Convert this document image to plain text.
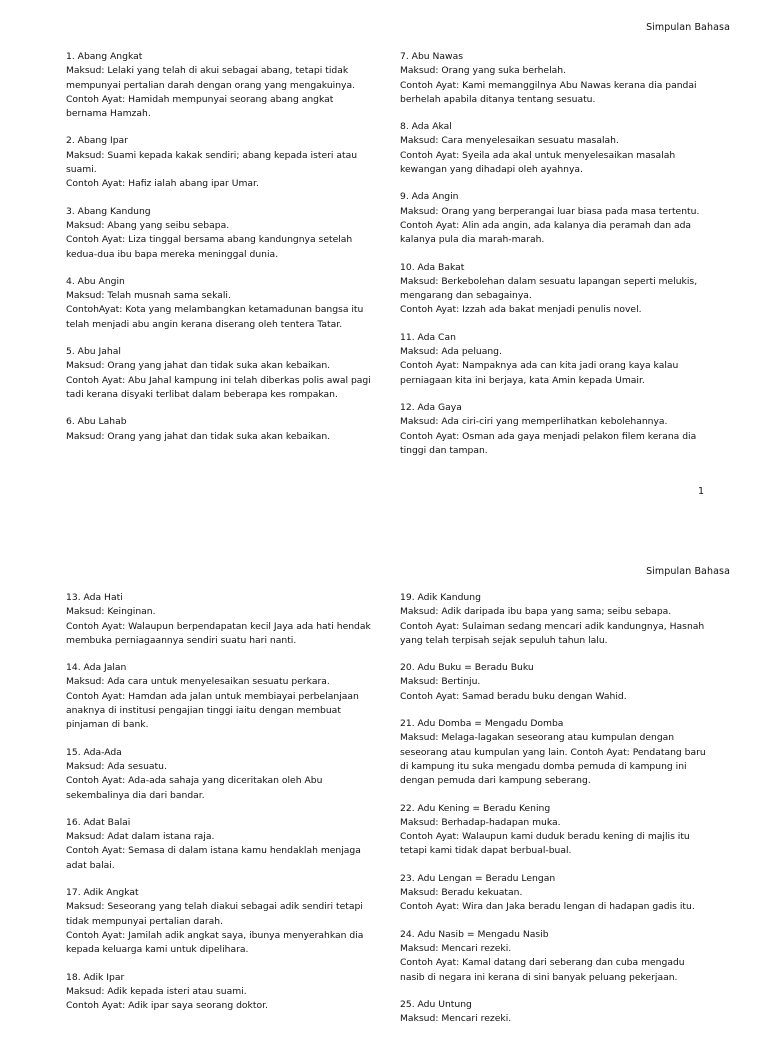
Simpulan Bahasa
1. Abang Angkat
Maksud: Lelaki yang telah di akui sebagai abang, tetapi tidak mempunyai pertalian darah dengan orang yang mengakuinya.
Contoh Ayat: Hamidah mempunyai seorang abang angkat bernama Hamzah.
2. Abang Ipar
Maksud: Suami kepada kakak sendiri; abang kepada isteri atau suami.
Contoh Ayat: Hafiz ialah abang ipar Umar.
3. Abang Kandung
Maksud: Abang yang seibu sebapa.
Contoh Ayat: Liza tinggal bersama abang kandungnya setelah kedua-dua ibu bapa mereka meninggal dunia.
4. Abu Angin
Maksud: Telah musnah sama sekali.
ContohAyat: Kota yang melambangkan ketamadunan bangsa itu telah menjadi abu angin kerana diserang oleh tentera Tatar.
5. Abu Jahal
Maksud: Orang yang jahat dan tidak suka akan kebaikan.
Contoh Ayat: Abu Jahal kampung ini telah diberkas polis awal pagi tadi kerana disyaki terlibat dalam beberapa kes rompakan.
6. Abu Lahab
Maksud: Orang yang jahat dan tidak suka akan kebaikan.
7. Abu Nawas
Maksud: Orang yang suka berhelah.
Contoh Ayat: Kami memanggilnya Abu Nawas kerana dia pandai berhelah apabila ditanya tentang sesuatu.
8. Ada Akal
Maksud: Cara menyelesaikan sesuatu masalah.
Contoh Ayat: Syeila ada akal untuk menyelesaikan masalah kewangan yang dihadapi oleh ayahnya.
9. Ada Angin
Maksud: Orang yang berperangai luar biasa pada masa tertentu.
Contoh Ayat: Alin ada angin, ada kalanya dia peramah dan ada kalanya pula dia marah-marah.
10. Ada Bakat
Maksud: Berkebolehan dalam sesuatu lapangan seperti melukis, mengarang dan sebagainya.
Contoh Ayat: Izzah ada bakat menjadi penulis novel.
11. Ada Can
Maksud: Ada peluang.
Contoh Ayat: Nampaknya ada can kita jadi orang kaya kalau perniagaan kita ini berjaya, kata Amin kepada Umair.
12. Ada Gaya
Maksud: Ada ciri-ciri yang memperlihatkan kebolehannya.
Contoh Ayat: Osman ada gaya menjadi pelakon filem kerana dia tinggi dan tampan.
1
Simpulan Bahasa
13. Ada Hati
Maksud: Keinginan.
Contoh Ayat: Walaupun berpendapatan kecil Jaya ada hati hendak membuka perniagaannya sendiri suatu hari nanti.
14. Ada Jalan
Maksud: Ada cara untuk menyelesaikan sesuatu perkara.
Contoh Ayat: Hamdan ada jalan untuk membiayai perbelanjaan anaknya di institusi pengajian tinggi iaitu dengan membuat pinjaman di bank.
15. Ada-Ada
Maksud: Ada sesuatu.
Contoh Ayat: Ada-ada sahaja yang diceritakan oleh Abu sekembalinya dia dari bandar.
16. Adat Balai
Maksud: Adat dalam istana raja.
Contoh Ayat: Semasa di dalam istana kamu hendaklah menjaga adat balai.
17. Adik Angkat
Maksud: Seseorang yang telah diakui sebagai adik sendiri tetapi tidak mempunyai pertalian darah.
Contoh Ayat: Jamilah adik angkat saya, ibunya menyerahkan dia kepada keluarga kami untuk dipelihara.
18. Adik Ipar
Maksud: Adik kepada isteri atau suami.
Contoh Ayat: Adik ipar saya seorang doktor.
19. Adik Kandung
Maksud: Adik daripada ibu bapa yang sama; seibu sebapa.
Contoh Ayat: Sulaiman sedang mencari adik kandungnya, Hasnah yang telah terpisah sejak sepuluh tahun lalu.
20. Adu Buku = Beradu Buku
Maksud: Bertinju.
Contoh Ayat: Samad beradu buku dengan Wahid.
21. Adu Domba = Mengadu Domba
Maksud: Melaga-lagakan seseorang atau kumpulan dengan seseorang atau kumpulan yang lain. Contoh Ayat: Pendatang baru di kampung itu suka mengadu domba pemuda di kampung ini dengan pemuda dari kampung seberang.
22. Adu Kening = Beradu Kening
Maksud: Berhadap-hadapan muka.
Contoh Ayat: Walaupun kami duduk beradu kening di majlis itu tetapi kami tidak dapat berbual-bual.
23. Adu Lengan = Beradu Lengan
Maksud: Beradu kekuatan.
Contoh Ayat: Wira dan Jaka beradu lengan di hadapan gadis itu.
24. Adu Nasib = Mengadu Nasib
Maksud: Mencari rezeki.
Contoh Ayat: Kamal datang dari seberang dan cuba mengadu nasib di negara ini kerana di sini banyak peluang pekerjaan.
25. Adu Untung
Maksud: Mencari rezeki.
